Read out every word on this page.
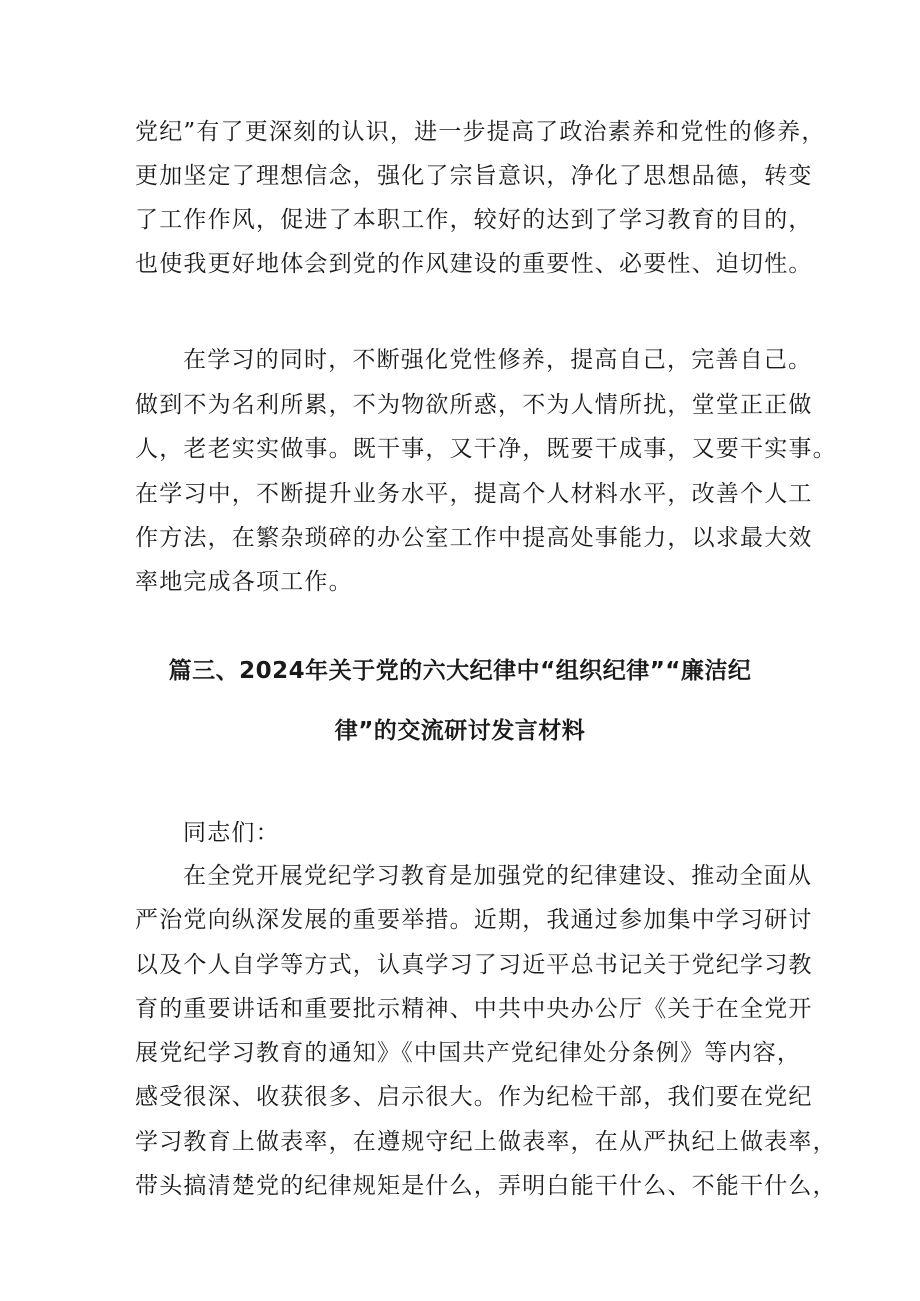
党纪”有了更深刻的认识，进一步提高了政治素养和党性的修养，
更加坚定了理想信念，强化了宗旨意识，净化了思想品德，转变
了工作作风，促进了本职工作，较好的达到了学习教育的目的，
也使我更好地体会到党的作风建设的重要性、必要性、迫切性。
在学习的同时，不断强化党性修养，提高自己，完善自己。
做到不为名利所累，不为物欲所惑，不为人情所扰，堂堂正正做
人，老老实实做事。既干事，又干净，既要干成事，又要干实事。
在学习中，不断提升业务水平，提高个人材料水平，改善个人工
作方法，在繁杂琐碎的办公室工作中提高处事能力，以求最大效
率地完成各项工作。
篇三、2024年关于党的六大纪律中“组织纪律”“廉洁纪
律”的交流研讨发言材料
同志们：
在全党开展党纪学习教育是加强党的纪律建设、推动全面从
严治党向纵深发展的重要举措。近期，我通过参加集中学习研讨
以及个人自学等方式，认真学习了习近平总书记关于党纪学习教
育的重要讲话和重要批示精神、中共中央办公厅《关于在全党开
展党纪学习教育的通知》《中国共产党纪律处分条例》等内容，
感受很深、收获很多、启示很大。作为纪检干部，我们要在党纪
学习教育上做表率，在遵规守纪上做表率，在从严执纪上做表率，
带头搞清楚党的纪律规矩是什么，弄明白能干什么、不能干什么，
